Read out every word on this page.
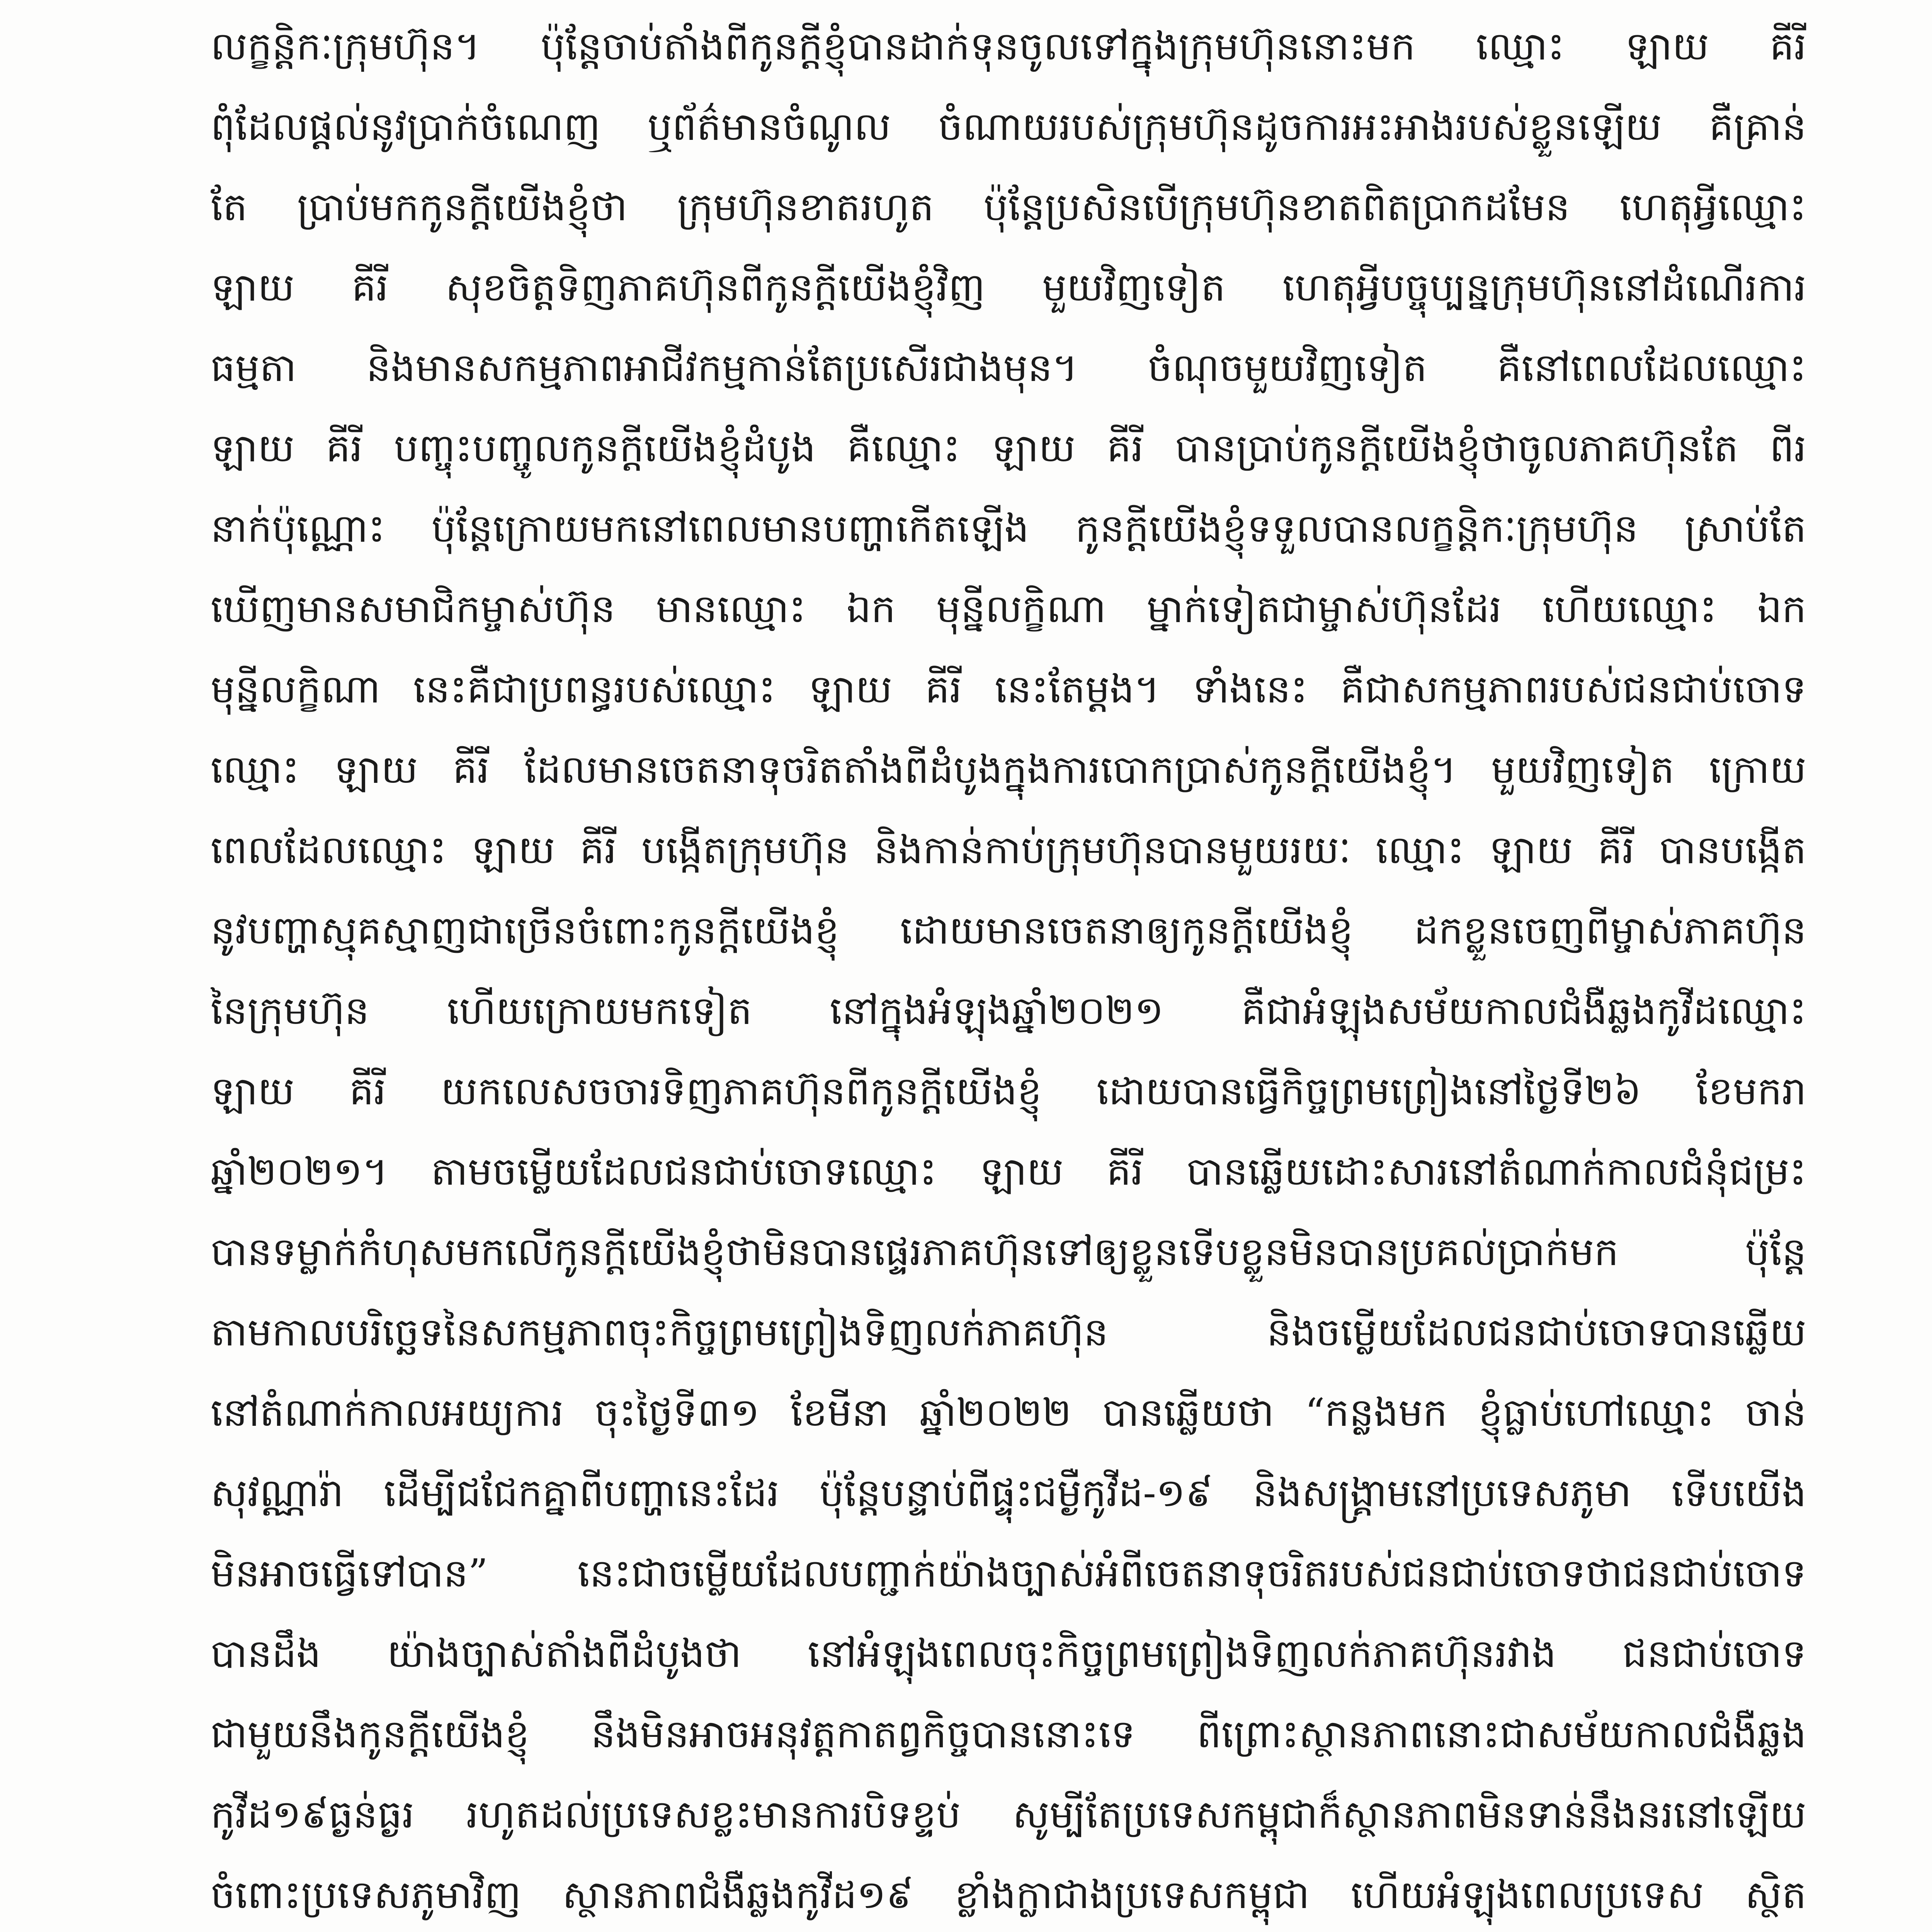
លក្ខន្តិកៈក្រុមហ៊ុន។ ប៉ុន្តែចាប់តាំងពីកូនក្តីខ្ញុំបានដាក់ទុនចូលទៅក្នុងក្រុមហ៊ុននោះមក ឈ្មោះ ឡាយ គីរី
ពុំដែលផ្តល់នូវប្រាក់ចំណេញ ឬព័ត៌មានចំណូល ចំណាយរបស់ក្រុមហ៊ុនដូចការអះអាងរបស់ខ្លួនឡើយ គឺគ្រាន់
តែ ប្រាប់មកកូនក្តីយើងខ្ញុំថា ក្រុមហ៊ុនខាតរហូត ប៉ុន្តែប្រសិនបើក្រុមហ៊ុនខាតពិតប្រាកដមែន ហេតុអ្វីឈ្មោះ
ឡាយ គីរី សុខចិត្តទិញភាគហ៊ុនពីកូនក្តីយើងខ្ញុំវិញ មួយវិញទៀត ហេតុអ្វីបច្ចុប្បន្នក្រុមហ៊ុននៅដំណើរការ
ធម្មតា និងមានសកម្មភាពអាជីវកម្មកាន់តែប្រសើរជាងមុន។ ចំណុចមួយវិញទៀត គឺនៅពេលដែលឈ្មោះ
ឡាយ គីរី បញ្ចុះបញ្ចូលកូនក្តីយើងខ្ញុំដំបូង គឺឈ្មោះ ឡាយ គីរី បានប្រាប់កូនក្តីយើងខ្ញុំថាចូលភាគហ៊ុនតែ ពីរ
នាក់ប៉ុណ្ណោះ ប៉ុន្តែក្រោយមកនៅពេលមានបញ្ហាកើតឡើង កូនក្តីយើងខ្ញុំទទួលបានលក្ខន្តិកៈក្រុមហ៊ុន ស្រាប់តែ
ឃើញមានសមាជិកម្ចាស់ហ៊ុន មានឈ្មោះ ឯក មុន្នីលក្ខិណា ម្នាក់ទៀតជាម្ចាស់ហ៊ុនដែរ ហើយឈ្មោះ ឯក
មុន្នីលក្ខិណា នេះគឺជាប្រពន្ធរបស់ឈ្មោះ ឡាយ គីរី នេះតែម្តង។ ទាំងនេះ គឺជាសកម្មភាពរបស់ជនជាប់ចោទ
ឈ្មោះ ឡាយ គីរី ដែលមានចេតនាទុចរិតតាំងពីដំបូងក្នុងការបោកប្រាស់កូនក្តីយើងខ្ញុំ។ មួយវិញទៀត ក្រោយ
ពេលដែលឈ្មោះ ឡាយ គីរី បង្កើតក្រុមហ៊ុន និងកាន់កាប់ក្រុមហ៊ុនបានមួយរយៈ ឈ្មោះ ឡាយ គីរី បានបង្កើត
នូវបញ្ហាស្មុគស្មាញជាច្រើនចំពោះកូនក្តីយើងខ្ញុំ ដោយមានចេតនាឲ្យកូនក្តីយើងខ្ញុំ ដកខ្លួនចេញពីម្ចាស់ភាគហ៊ុន
នៃក្រុមហ៊ុន ហើយក្រោយមកទៀត នៅក្នុងអំឡុងឆ្នាំ២០២១ គឺជាអំឡុងសម័យកាលជំងឺឆ្លងកូវីដឈ្មោះ
ឡាយ គីរី យកលេសចចារទិញភាគហ៊ុនពីកូនក្តីយើងខ្ញុំ ដោយបានធ្វើកិច្ចព្រមព្រៀងនៅថ្ងៃទី២៦ ខែមករា
ឆ្នាំ២០២១។ តាមចម្លើយដែលជនជាប់ចោទឈ្មោះ ឡាយ គីរី បានឆ្លើយដោះសារនៅតំណាក់កាលជំនុំជម្រះ
បានទម្លាក់កំហុសមកលើកូនក្តីយើងខ្ញុំថាមិនបានផ្ទេរភាគហ៊ុនទៅឲ្យខ្លួនទើបខ្លួនមិនបានប្រគល់ប្រាក់មក ប៉ុន្តែ
តាមកាលបរិច្ឆេទនៃសកម្មភាពចុះកិច្ចព្រមព្រៀងទិញលក់ភាគហ៊ុន និងចម្លើយដែលជនជាប់ចោទបានឆ្លើយ
នៅតំណាក់កាលអយ្យការ ចុះថ្ងៃទី៣១ ខែមីនា ឆ្នាំ២០២២ បានឆ្លើយថា “កន្លងមក ខ្ញុំធ្លាប់ហៅឈ្មោះ ចាន់
សុវណ្ណារ៉ា ដើម្បីជជែកគ្នាពីបញ្ហានេះដែរ ប៉ុន្តែបន្ទាប់ពីផ្ទុះជម្ងឺកូវីដ-១៩ និងសង្គ្រាមនៅប្រទេសភូមា ទើបយើង
មិនអាចធ្វើទៅបាន” នេះជាចម្លើយដែលបញ្ជាក់យ៉ាងច្បាស់អំពីចេតនាទុចរិតរបស់ជនជាប់ចោទថាជនជាប់ចោទ
បានដឹង យ៉ាងច្បាស់តាំងពីដំបូងថា នៅអំឡុងពេលចុះកិច្ចព្រមព្រៀងទិញលក់ភាគហ៊ុនរវាង ជនជាប់ចោទ
ជាមួយនឹងកូនក្តីយើងខ្ញុំ នឹងមិនអាចអនុវត្តកាតព្វកិច្ចបាននោះទេ ពីព្រោះស្ថានភាពនោះជាសម័យកាលជំងឺឆ្លង
កូវីដ១៩ធ្ងន់ធ្ងរ រហូតដល់ប្រទេសខ្លះមានការបិទខ្ទប់ សូម្បីតែប្រទេសកម្ពុជាក៏ស្ថានភាពមិនទាន់នឹងនរនៅឡើយ
ចំពោះប្រទេសភូមាវិញ ស្ថានភាពជំងឺឆ្លងកូវីដ១៩ ខ្លាំងក្លាជាងប្រទេសកម្ពុជា ហើយអំឡុងពេលប្រទេស ស្ថិត
